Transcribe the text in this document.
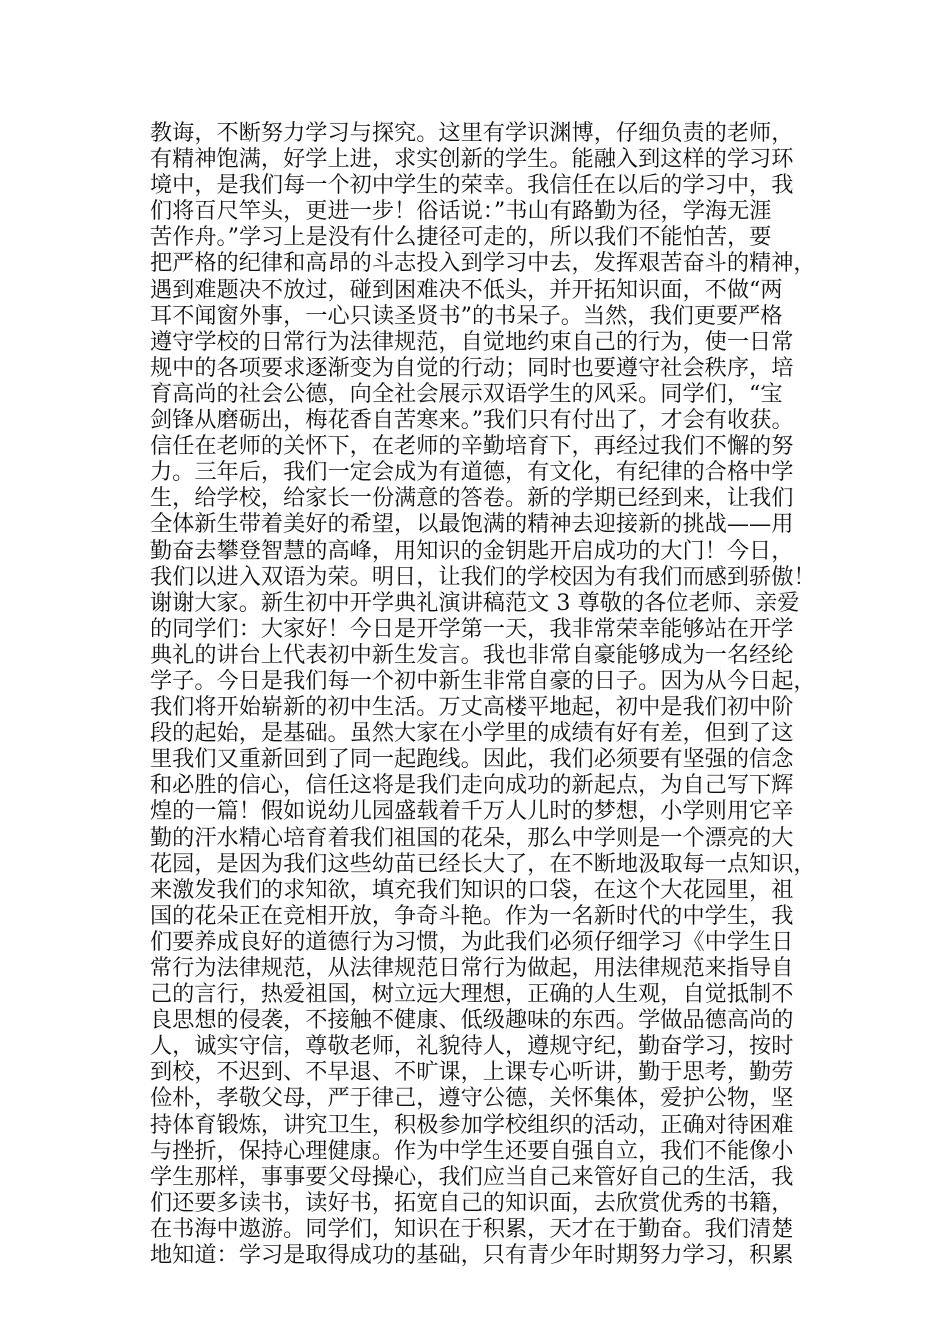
教诲，不断努力学习与探究。这里有学识渊博，仔细负责的老师，
有精神饱满，好学上进，求实创新的学生。能融入到这样的学习环
境中，是我们每一个初中学生的荣幸。我信任在以后的学习中，我
们将百尺竿头，更进一步！俗话说：”书山有路勤为径，学海无涯
苦作舟。”学习上是没有什么捷径可走的，所以我们不能怕苦，要
把严格的纪律和高昂的斗志投入到学习中去，发挥艰苦奋斗的精神，
遇到难题决不放过，碰到困难决不低头，并开拓知识面，不做“两
耳不闻窗外事，一心只读圣贤书”的书呆子。当然，我们更要严格
遵守学校的日常行为法律规范，自觉地约束自己的行为，使一日常
规中的各项要求逐渐变为自觉的行动；同时也要遵守社会秩序，培
育高尚的社会公德，向全社会展示双语学生的风采。同学们，“宝
剑锋从磨砺出，梅花香自苦寒来。”我们只有付出了，才会有收获。
信任在老师的关怀下，在老师的辛勤培育下，再经过我们不懈的努
力。三年后，我们一定会成为有道德，有文化，有纪律的合格中学
生，给学校，给家长一份满意的答卷。新的学期已经到来，让我们
全体新生带着美好的希望，以最饱满的精神去迎接新的挑战——用
勤奋去攀登智慧的高峰，用知识的金钥匙开启成功的大门！今日，
我们以进入双语为荣。明日，让我们的学校因为有我们而感到骄傲！
谢谢大家。新生初中开学典礼演讲稿范文 3 尊敬的各位老师、亲爱
的同学们：大家好！今日是开学第一天，我非常荣幸能够站在开学
典礼的讲台上代表初中新生发言。我也非常自豪能够成为一名经纶
学子。今日是我们每一个初中新生非常自豪的日子。因为从今日起，
我们将开始崭新的初中生活。万丈高楼平地起，初中是我们初中阶
段的起始，是基础。虽然大家在小学里的成绩有好有差，但到了这
里我们又重新回到了同一起跑线。因此，我们必须要有坚强的信念
和必胜的信心，信任这将是我们走向成功的新起点，为自己写下辉
煌的一篇！假如说幼儿园盛载着千万人儿时的梦想，小学则用它辛
勤的汗水精心培育着我们祖国的花朵，那么中学则是一个漂亮的大
花园，是因为我们这些幼苗已经长大了，在不断地汲取每一点知识，
来激发我们的求知欲，填充我们知识的口袋，在这个大花园里，祖
国的花朵正在竞相开放，争奇斗艳。作为一名新时代的中学生，我
们要养成良好的道德行为习惯，为此我们必须仔细学习《中学生日
常行为法律规范，从法律规范日常行为做起，用法律规范来指导自
己的言行，热爱祖国，树立远大理想，正确的人生观，自觉抵制不
良思想的侵袭，不接触不健康、低级趣味的东西。学做品德高尚的
人，诚实守信，尊敬老师，礼貌待人，遵规守纪，勤奋学习，按时
到校，不迟到、不早退、不旷课，上课专心听讲，勤于思考，勤劳
俭朴，孝敬父母，严于律己，遵守公德，关怀集体，爱护公物，坚
持体育锻炼，讲究卫生，积极参加学校组织的活动，正确对待困难
与挫折，保持心理健康。作为中学生还要自强自立，我们不能像小
学生那样，事事要父母操心，我们应当自己来管好自己的生活，我
们还要多读书，读好书，拓宽自己的知识面，去欣赏优秀的书籍，
在书海中遨游。同学们，知识在于积累，天才在于勤奋。我们清楚
地知道：学习是取得成功的基础，只有青少年时期努力学习，积累
